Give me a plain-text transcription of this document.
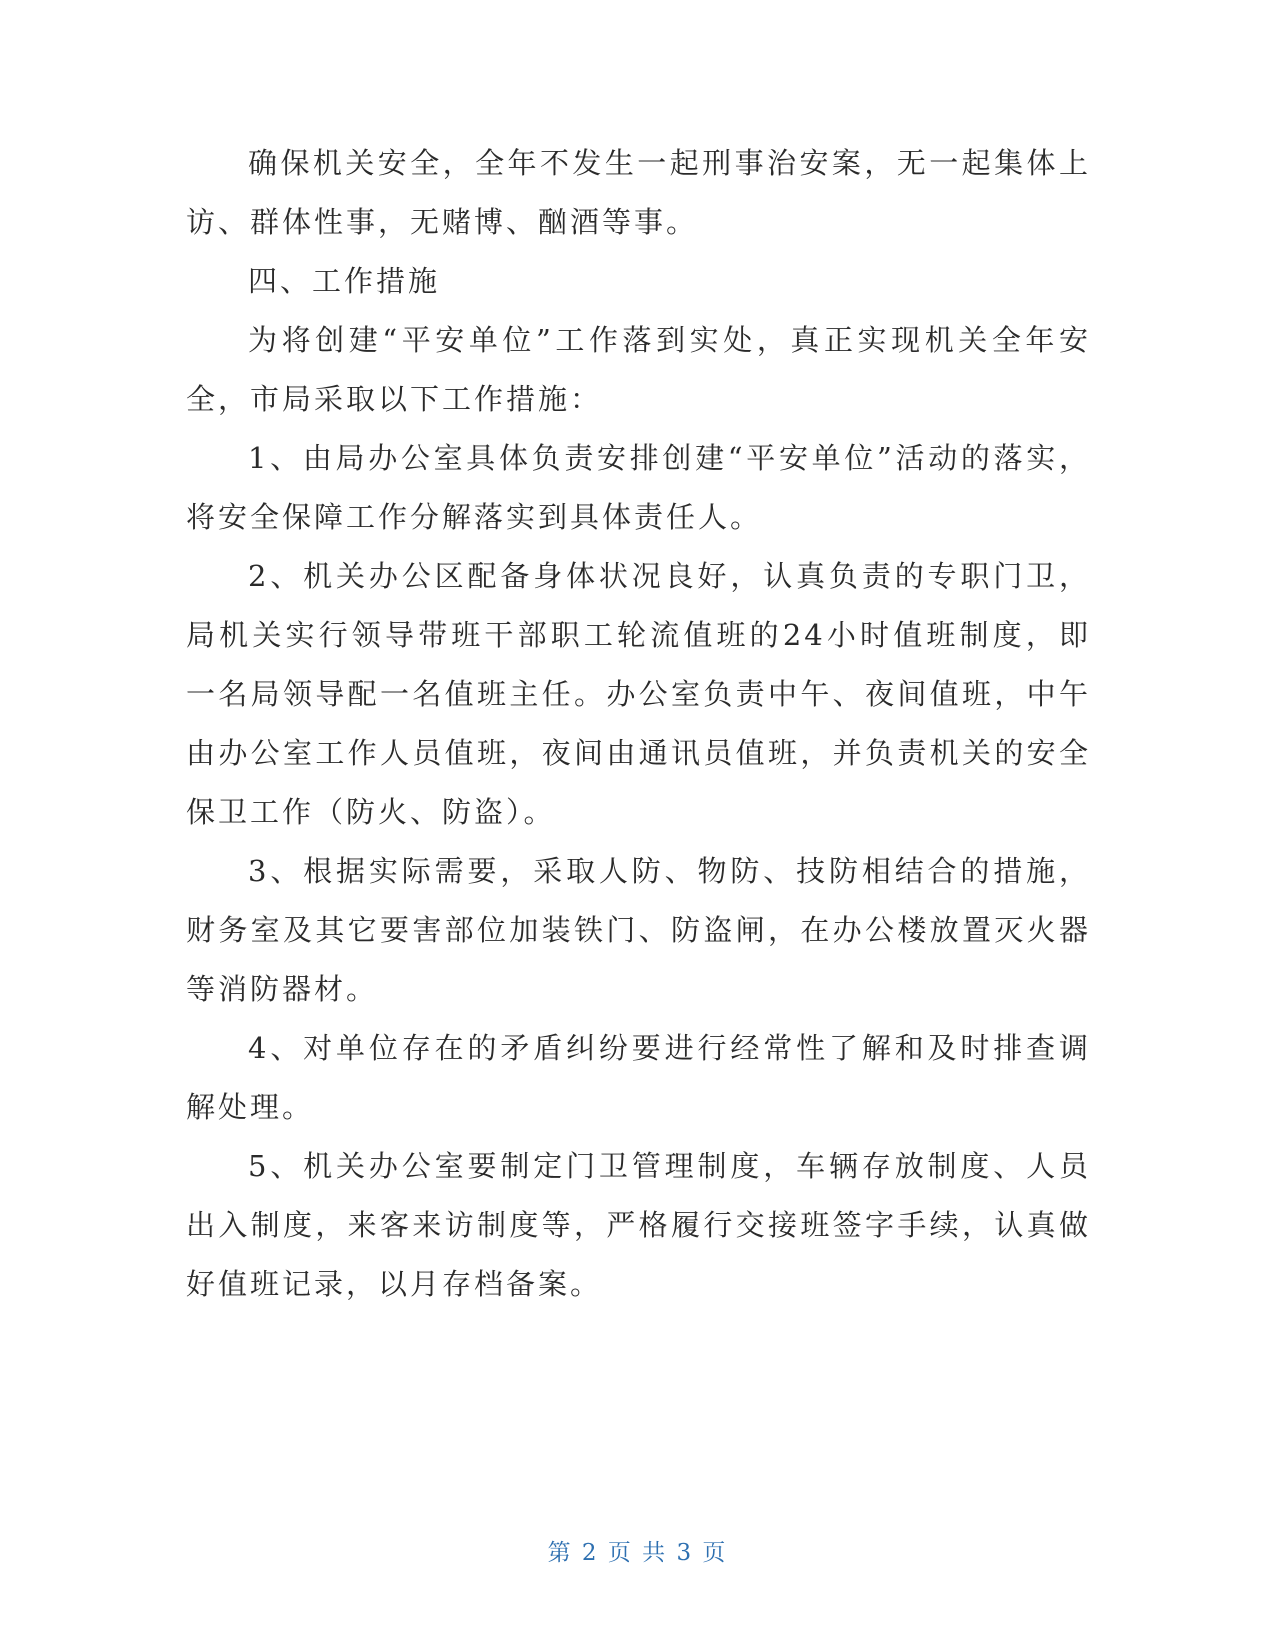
确保机关安全，全年不发生一起刑事治安案，无一起集体上访、群体性事，无赌博、酗酒等事。

四、工作措施

为将创建“平安单位”工作落到实处，真正实现机关全年安全，市局采取以下工作措施：

1、由局办公室具体负责安排创建“平安单位”活动的落实，将安全保障工作分解落实到具体责任人。

2、机关办公区配备身体状况良好，认真负责的专职门卫，局机关实行领导带班干部职工轮流值班的24小时值班制度，即一名局领导配一名值班主任。办公室负责中午、夜间值班，中午由办公室工作人员值班，夜间由通讯员值班，并负责机关的安全保卫工作（防火、防盗）。

3、根据实际需要，采取人防、物防、技防相结合的措施，财务室及其它要害部位加装铁门、防盗闸，在办公楼放置灭火器等消防器材。

4、对单位存在的矛盾纠纷要进行经常性了解和及时排查调解处理。

5、机关办公室要制定门卫管理制度，车辆存放制度、人员出入制度，来客来访制度等，严格履行交接班签字手续，认真做好值班记录，以月存档备案。

第 2 页 共 3 页
